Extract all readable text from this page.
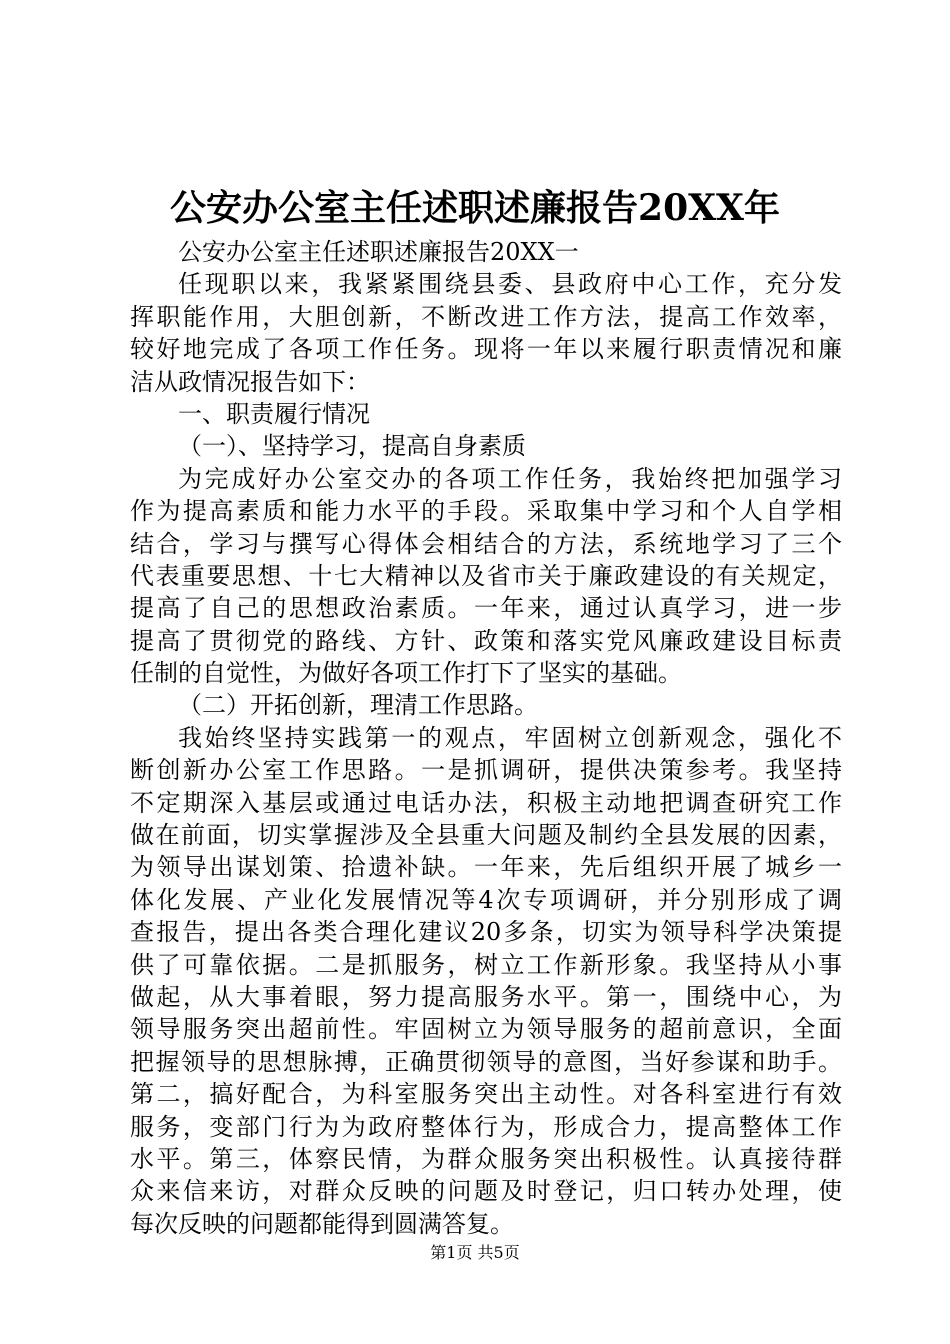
公安办公室主任述职述廉报告20XX年
公安办公室主任述职述廉报告20XX一
任现职以来，我紧紧围绕县委、县政府中心工作，充分发
挥职能作用，大胆创新，不断改进工作方法，提高工作效率，
较好地完成了各项工作任务。现将一年以来履行职责情况和廉
洁从政情况报告如下：
一、职责履行情况
（一）、坚持学习，提高自身素质
为完成好办公室交办的各项工作任务，我始终把加强学习
作为提高素质和能力水平的手段。采取集中学习和个人自学相
结合，学习与撰写心得体会相结合的方法，系统地学习了三个
代表重要思想、十七大精神以及省市关于廉政建设的有关规定，
提高了自己的思想政治素质。一年来，通过认真学习，进一步
提高了贯彻党的路线、方针、政策和落实党风廉政建设目标责
任制的自觉性，为做好各项工作打下了坚实的基础。
（二）开拓创新，理清工作思路。
我始终坚持实践第一的观点，牢固树立创新观念，强化不
断创新办公室工作思路。一是抓调研，提供决策参考。我坚持
不定期深入基层或通过电话办法，积极主动地把调查研究工作
做在前面，切实掌握涉及全县重大问题及制约全县发展的因素，
为领导出谋划策、拾遗补缺。一年来，先后组织开展了城乡一
体化发展、产业化发展情况等4次专项调研，并分别形成了调
查报告，提出各类合理化建议20多条，切实为领导科学决策提
供了可靠依据。二是抓服务，树立工作新形象。我坚持从小事
做起，从大事着眼，努力提高服务水平。第一，围绕中心，为
领导服务突出超前性。牢固树立为领导服务的超前意识，全面
把握领导的思想脉搏，正确贯彻领导的意图，当好参谋和助手。
第二，搞好配合，为科室服务突出主动性。对各科室进行有效
服务，变部门行为为政府整体行为，形成合力，提高整体工作
水平。第三，体察民情，为群众服务突出积极性。认真接待群
众来信来访，对群众反映的问题及时登记，归口转办处理，使
每次反映的问题都能得到圆满答复。
第1页 共5页
